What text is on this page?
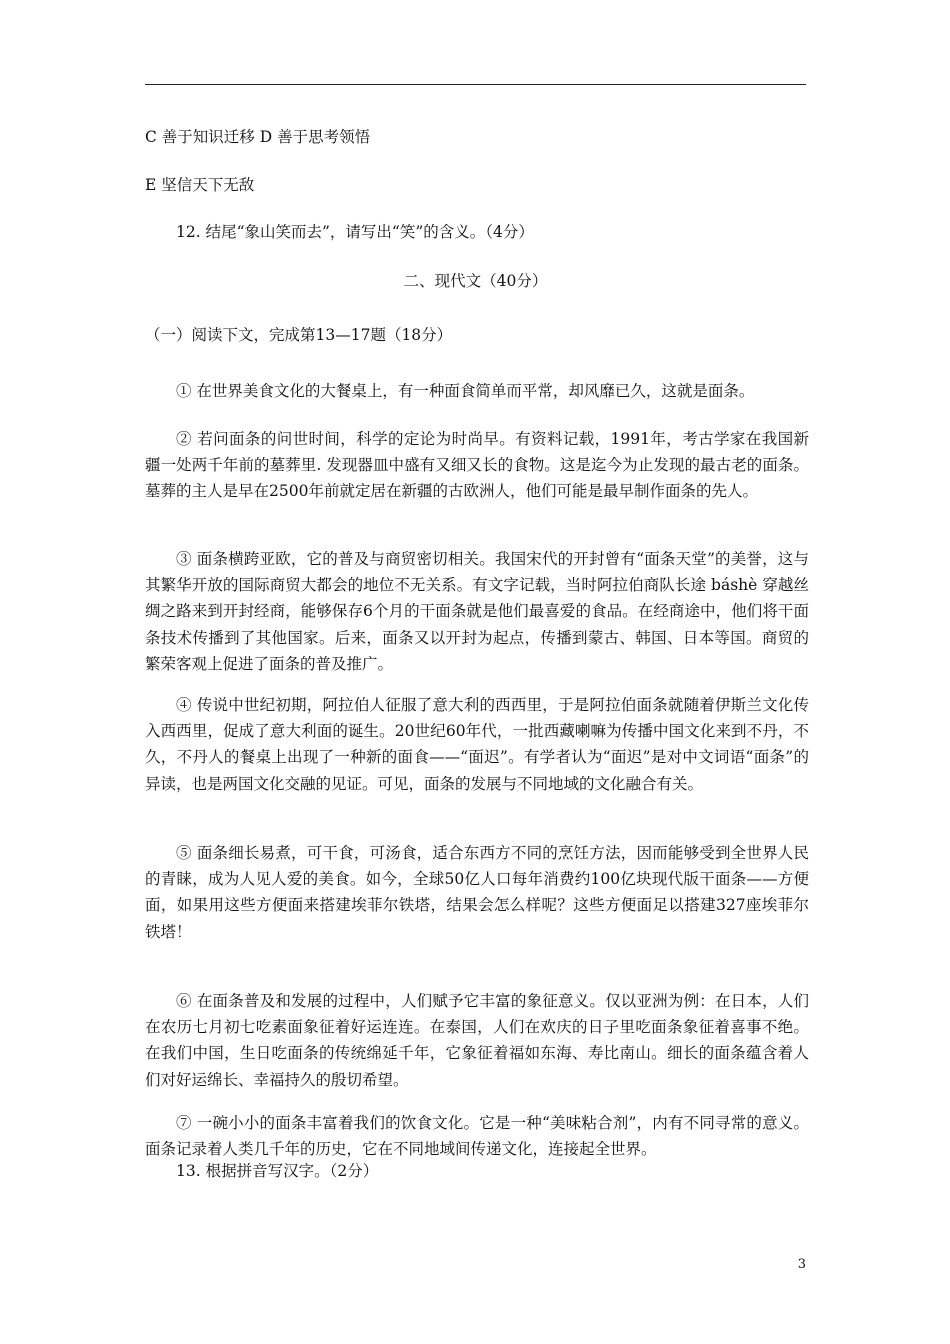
C 善于知识迁移 D 善于思考领悟
E 坚信天下无敌
12. 结尾“象山笑而去”，请写出“笑”的含义。（4分）
二、现代文（40分）
（一）阅读下文，完成第13—17题（18分）
① 在世界美食文化的大餐桌上，有一种面食简单而平常，却风靡已久，这就是面条。
② 若问面条的问世时间，科学的定论为时尚早。有资料记载，1991年，考古学家在我国新疆一处两千年前的墓葬里. 发现器皿中盛有又细又长的食物。这是迄今为止发现的最古老的面条。墓葬的主人是早在2500年前就定居在新疆的古欧洲人，他们可能是最早制作面条的先人。
③ 面条横跨亚欧，它的普及与商贸密切相关。我国宋代的开封曾有“面条天堂”的美誉，这与其繁华开放的国际商贸大都会的地位不无关系。有文字记载，当时阿拉伯商队长途 báshè 穿越丝绸之路来到开封经商，能够保存6个月的干面条就是他们最喜爱的食品。在经商途中，他们将干面条技术传播到了其他国家。后来，面条又以开封为起点，传播到蒙古、韩国、日本等国。商贸的繁荣客观上促进了面条的普及推广。
④ 传说中世纪初期，阿拉伯人征服了意大利的西西里，于是阿拉伯面条就随着伊斯兰文化传入西西里，促成了意大利面的诞生。20世纪60年代，一批西藏喇嘛为传播中国文化来到不丹，不久，不丹人的餐桌上出现了一种新的面食——“面迟”。有学者认为“面迟”是对中文词语“面条”的异读，也是两国文化交融的见证。可见，面条的发展与不同地域的文化融合有关。
⑤ 面条细长易煮，可干食，可汤食，适合东西方不同的烹饪方法，因而能够受到全世界人民的青睐，成为人见人爱的美食。如今，全球50亿人口每年消费约100亿块现代版干面条——方便面，如果用这些方便面来搭建埃菲尔铁塔，结果会怎么样呢？这些方便面足以搭建327座埃菲尔铁塔！
⑥ 在面条普及和发展的过程中，人们赋予它丰富的象征意义。仅以亚洲为例：在日本，人们在农历七月初七吃素面象征着好运连连。在泰国，人们在欢庆的日子里吃面条象征着喜事不绝。在我们中国，生日吃面条的传统绵延千年，它象征着福如东海、寿比南山。细长的面条蕴含着人们对好运绵长、幸福持久的殷切希望。
⑦ 一碗小小的面条丰富着我们的饮食文化。它是一种“美味粘合剂”，内有不同寻常的意义。面条记录着人类几千年的历史，它在不同地域间传递文化，连接起全世界。
13. 根据拼音写汉字。（2分）
3
